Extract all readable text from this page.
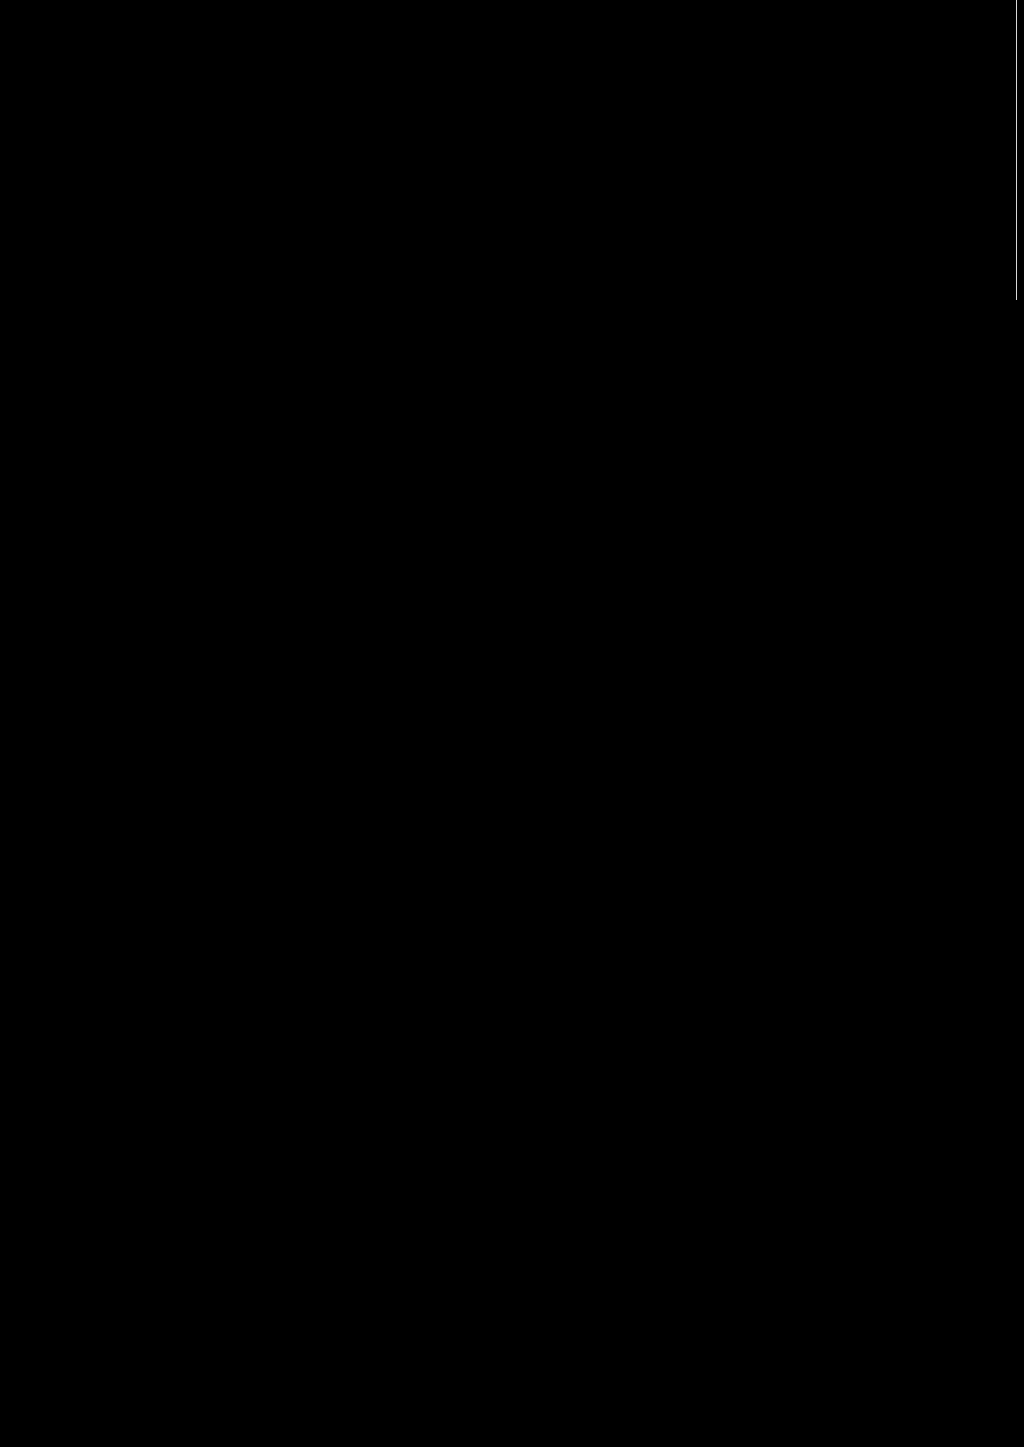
Załącznik nr 2
Dochody związane z realizacją zadań z zakresu administracji
rządowej oraz innych zadań zleconych ustawami ujęte w ustawie
budżetowej na rok 2017
URZĄD MIASTA I GMINY	NIEMCZA
(w złotych)
Dział	Rozdział	Paragraf	Kwota
750	75011	0690	
852	85203	0830	
852	85228	0830	
855	85502	0920	36 000
855	85502	0970	1 000
855	85502	0980	25 000
		Razem:	62 000
Z up. WOJEWODY DOLNOŚLĄSKIEGO
Edyta Sapała
DYREKTOR WYDZIAŁU
Finansów i Budżetu
